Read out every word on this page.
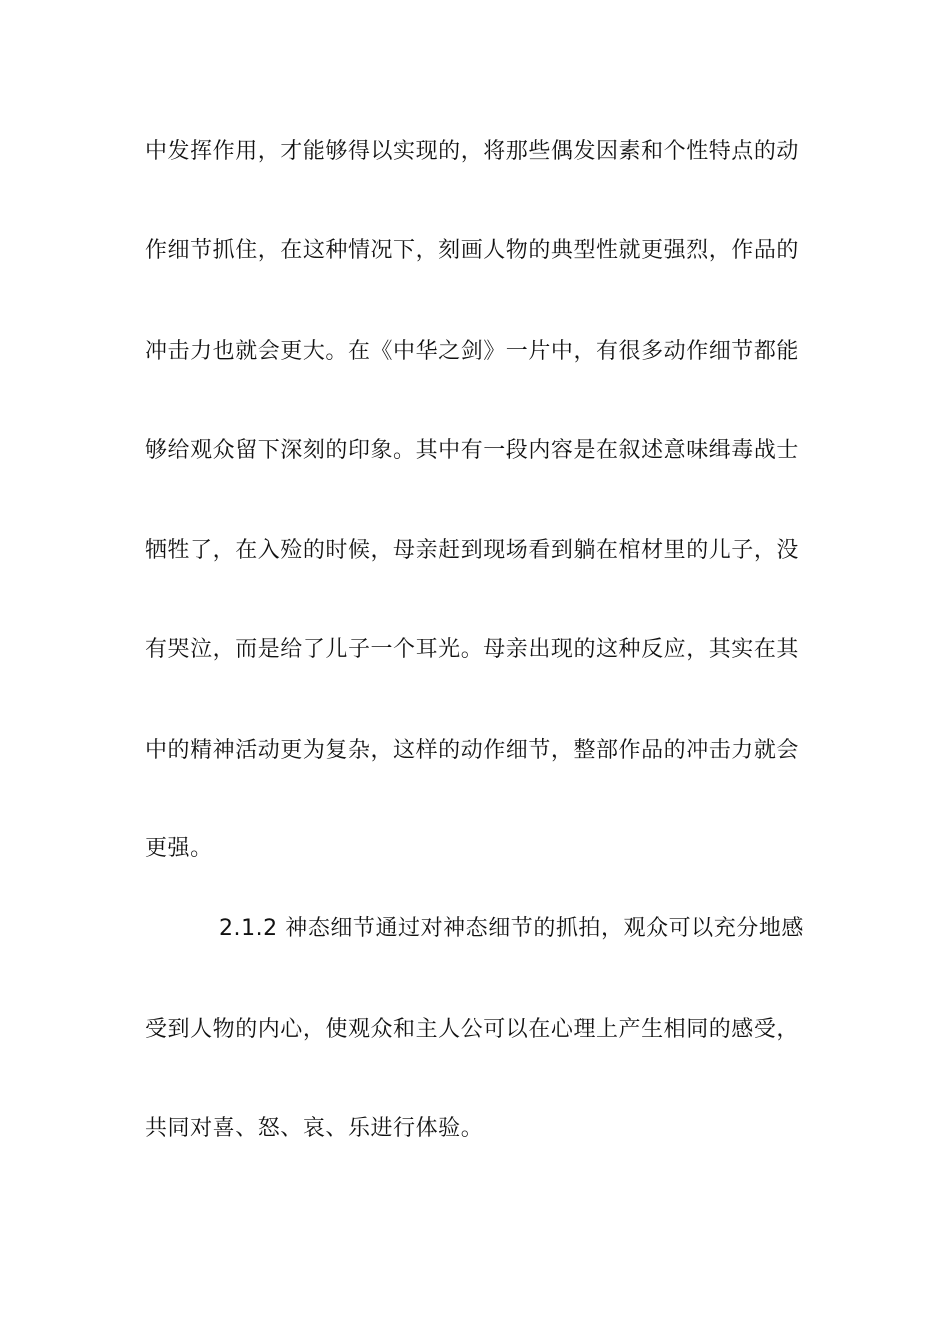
中发挥作用，才能够得以实现的，将那些偶发因素和个性特点的动
作细节抓住，在这种情况下，刻画人物的典型性就更强烈，作品的
冲击力也就会更大。在《中华之剑》一片中，有很多动作细节都能
够给观众留下深刻的印象。其中有一段内容是在叙述意味缉毒战士
牺牲了，在入殓的时候，母亲赶到现场看到躺在棺材里的儿子，没
有哭泣，而是给了儿子一个耳光。母亲出现的这种反应，其实在其
中的精神活动更为复杂，这样的动作细节，整部作品的冲击力就会
更强。
2.1.2 神态细节通过对神态细节的抓拍，观众可以充分地感
受到人物的内心，使观众和主人公可以在心理上产生相同的感受，
共同对喜、怒、哀、乐进行体验。
